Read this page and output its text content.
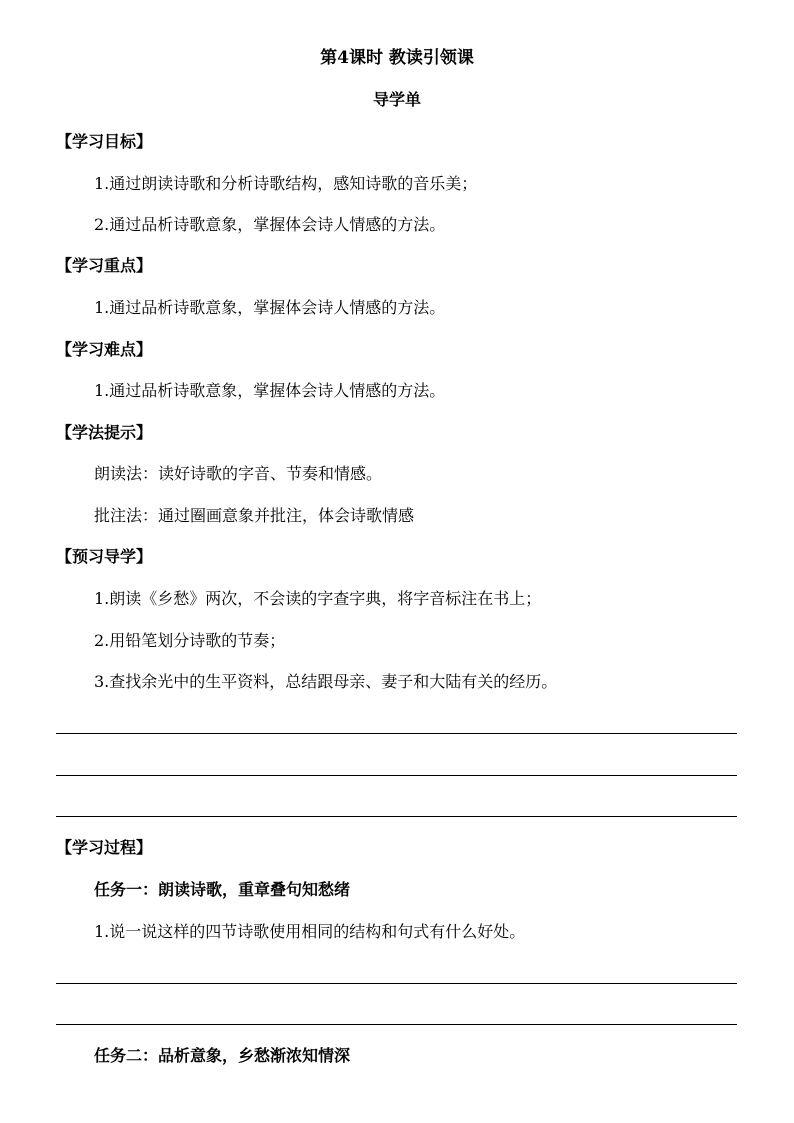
第4课时 教读引领课
导学单
【学习目标】
1.通过朗读诗歌和分析诗歌结构，感知诗歌的音乐美；
2.通过品析诗歌意象，掌握体会诗人情感的方法。
【学习重点】
1.通过品析诗歌意象，掌握体会诗人情感的方法。
【学习难点】
1.通过品析诗歌意象，掌握体会诗人情感的方法。
【学法提示】
朗读法：读好诗歌的字音、节奏和情感。
批注法：通过圈画意象并批注，体会诗歌情感
【预习导学】
1.朗读《乡愁》两次，不会读的字查字典，将字音标注在书上；
2.用铅笔划分诗歌的节奏；
3.查找余光中的生平资料，总结跟母亲、妻子和大陆有关的经历。
【学习过程】
任务一：朗读诗歌，重章叠句知愁绪
1.说一说这样的四节诗歌使用相同的结构和句式有什么好处。
任务二：品析意象，乡愁渐浓知情深
